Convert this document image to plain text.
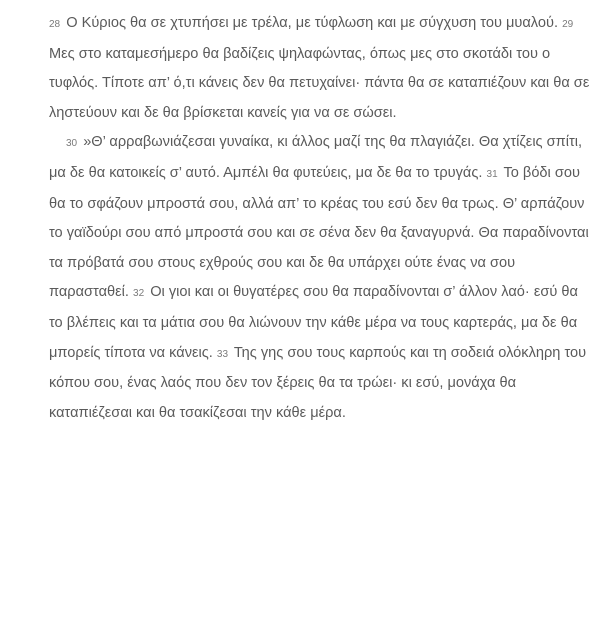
28 Ο Κύριος θα σε χτυπήσει με τρέλα, με τύφλωση και με σύγχυση του μυαλού. 29 Μες στο καταμεσήμερο θα βαδίζεις ψηλαφώντας, όπως μες στο σκοτάδι του ο τυφλός. Τίποτε απ’ ό,τι κάνεις δεν θα πετυχαίνει· πάντα θα σε καταπιέζουν και θα σε ληστεύουν και δε θα βρίσκεται κανείς για να σε σώσει.

30 »Θ’ αρραβωνιάζεσαι γυναίκα, κι άλλος μαζί της θα πλαγιάζει. Θα χτίζεις σπίτι, μα δε θα κατοικείς σ’ αυτό. Αμπέλι θα φυτεύεις, μα δε θα το τρυγάς. 31 Το βόδι σου θα το σφάζουν μπροστά σου, αλλά απ’ το κρέας του εσύ δεν θα τρως. Θ’ αρπάζουν το γαϊδούρι σου από μπροστά σου και σε σένα δεν θα ξαναγυρνά. Θα παραδίνονται τα πρόβατά σου στους εχθρούς σου και δε θα υπάρχει ούτε ένας να σου παρασταθεί. 32 Οι γιοι και οι θυγατέρες σου θα παραδίνονται σ’ άλλον λαό· εσύ θα το βλέπεις και τα μάτια σου θα λιώνουν την κάθε μέρα να τους καρτεράς, μα δε θα μπορείς τίποτα να κάνεις. 33 Της γης σου τους καρπούς και τη σοδειά ολόκληρη του κόπου σου, ένας λαός που δεν τον ξέρεις θα τα τρώει· κι εσύ, μονάχα θα καταπιέζεσαι και θα τσακίζεσαι την κάθε μέρα.
